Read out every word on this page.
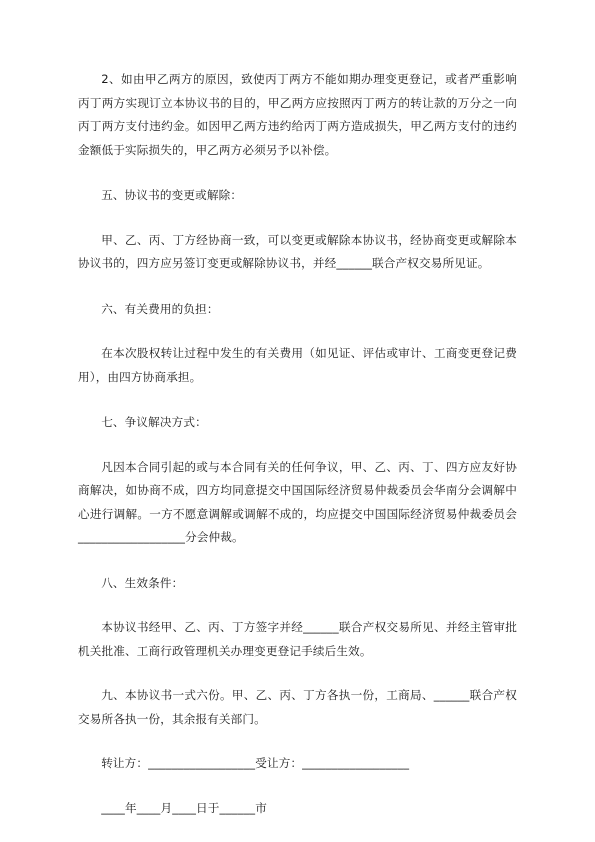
2、如由甲乙两方的原因，致使丙丁两方不能如期办理变更登记，或者严重影响丙丁两方实现订立本协议书的目的，甲乙两方应按照丙丁两方的转让款的万分之一向丙丁两方支付违约金。如因甲乙两方违约给丙丁两方造成损失，甲乙两方支付的违约金额低于实际损失的，甲乙两方必须另予以补偿。

五、协议书的变更或解除：

甲、乙、丙、丁方经协商一致，可以变更或解除本协议书，经协商变更或解除本协议书的，四方应另签订变更或解除协议书，并经______联合产权交易所见证。

六、有关费用的负担：

在本次股权转让过程中发生的有关费用（如见证、评估或审计、工商变更登记费用），由四方协商承担。

七、争议解决方式：

凡因本合同引起的或与本合同有关的任何争议，甲、乙、丙、丁、四方应友好协商解决，如协商不成，四方均同意提交中国国际经济贸易仲裁委员会华南分会调解中心进行调解。一方不愿意调解或调解不成的，均应提交中国国际经济贸易仲裁委员会__________________分会仲裁。

八、生效条件：

本协议书经甲、乙、丙、丁方签字并经______联合产权交易所见、并经主管审批机关批准、工商行政管理机关办理变更登记手续后生效。

九、本协议书一式六份。甲、乙、丙、丁方各执一份，工商局、______联合产权交易所各执一份，其余报有关部门。

转让方：__________________受让方：__________________

____年____月____日于______市
